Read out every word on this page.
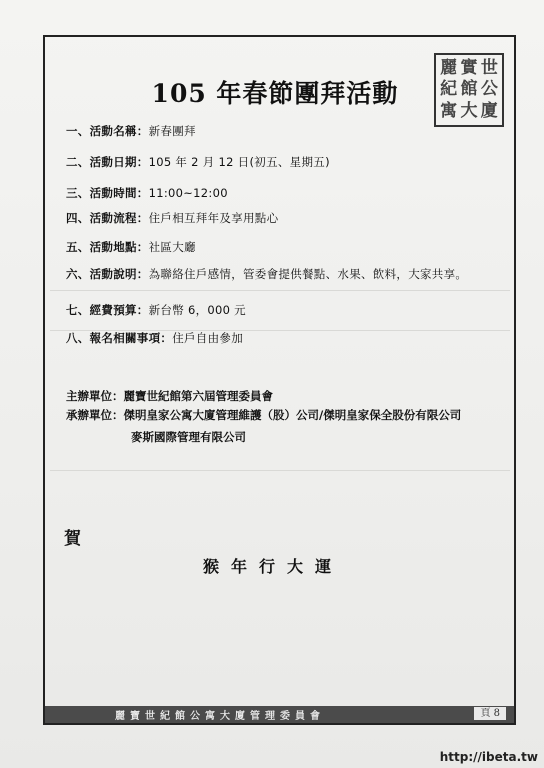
麗 實 世
紀 館 公
寓 大 廈
105 年春節團拜活動
一、活動名稱：新春團拜
二、活動日期：105 年 2 月 12 日(初五、星期五)
三、活動時間：11:00~12:00
四、活動流程：住戶相互拜年及享用點心
五、活動地點：社區大廳
六、活動說明：為聯絡住戶感情，管委會提供餐點、水果、飲料，大家共享。
七、經費預算：新台幣 6，000 元
八、報名相關事項：住戶自由參加
主辦單位：麗寶世紀館第六屆管理委員會
承辦單位：傑明皇家公寓大廈管理維護（股）公司/傑明皇家保全股份有限公司
麥斯國際管理有限公司
賀
猴年行大運
麗寶世紀館公寓大廈管理委員會	頁 8
http://ibeta.tw
